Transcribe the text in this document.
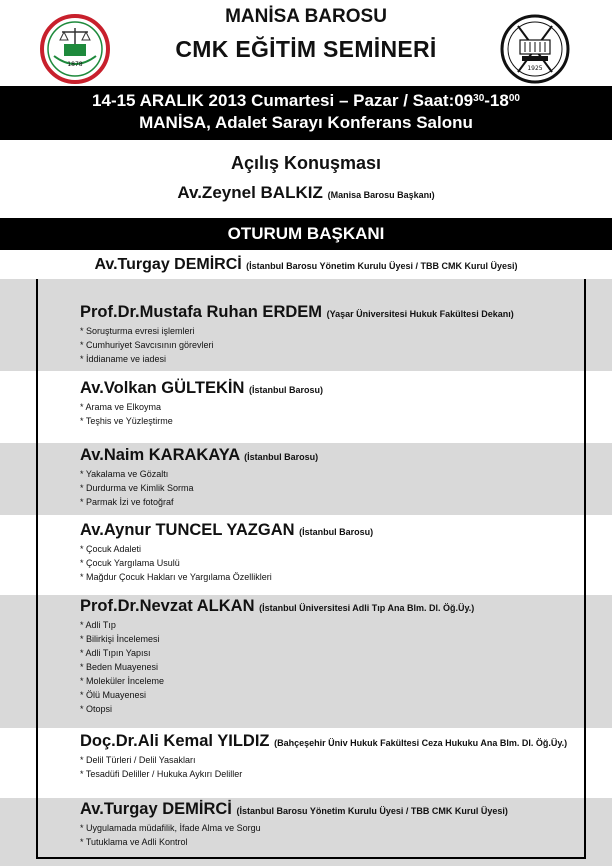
1878
MANİSA BAROSU
CMK EĞİTİM SEMİNERİ
1925
14-15 ARALIK 2013 Cumartesi – Pazar / $Saat:09^{30}-18^{00}$
MANİSA, Adalet Sarayı Konferans Salonu
Açılış Konuşması
Av.Zeynel BALKIZ (Manisa Barosu Başkanı)
OTURUM BAŞKANI
Av.Turgay DEMİRCİ (İstanbul Barosu Yönetim Kurulu Üyesi / TBB CMK Kurul Üyesi)
Prof.Dr.Mustafa Ruhan ERDEM (Yaşar Üniversitesi Hukuk Fakültesi Dekanı)
* Soruşturma evresi işlemleri
* Cumhuriyet Savcısının görevleri
* İddianame ve iadesi
Av.Volkan GÜLTEKİN (İstanbul Barosu)
* Arama ve Elkoyma
* Teşhis ve Yüzleştirme
Av.Naim KARAKAYA (İstanbul Barosu)
* Yakalama ve Gözaltı
* Durdurma ve Kimlik Sorma
* Parmak İzi ve fotoğraf
Av.Aynur TUNCEL YAZGAN (İstanbul Barosu)
* Çocuk Adaleti
* Çocuk Yargılama Usulü
* Mağdur Çocuk Hakları ve Yargılama Özellikleri
Prof.Dr.Nevzat ALKAN (İstanbul Üniversitesi Adli Tıp Ana Blm. Dl. Öğ.Üy.)
* Adli Tıp
* Bilirkişi İncelemesi
* Adli Tıpın Yapısı
* Beden Muayenesi
* Moleküler İnceleme
* Ölü Muayenesi
* Otopsi
Doç.Dr.Ali Kemal YILDIZ (Bahçeşehir Üniv Hukuk Fakültesi Ceza Hukuku Ana Blm. Dl. Öğ.Üy.)
* Delil Türleri / Delil Yasakları
* Tesadüfi Deliller / Hukuka Aykırı Deliller
Av.Turgay DEMİRCİ (İstanbul Barosu Yönetim Kurulu Üyesi / TBB CMK Kurul Üyesi)
* Uygulamada müdafilik, İfade Alma ve Sorgu
* Tutuklama ve Adli Kontrol
